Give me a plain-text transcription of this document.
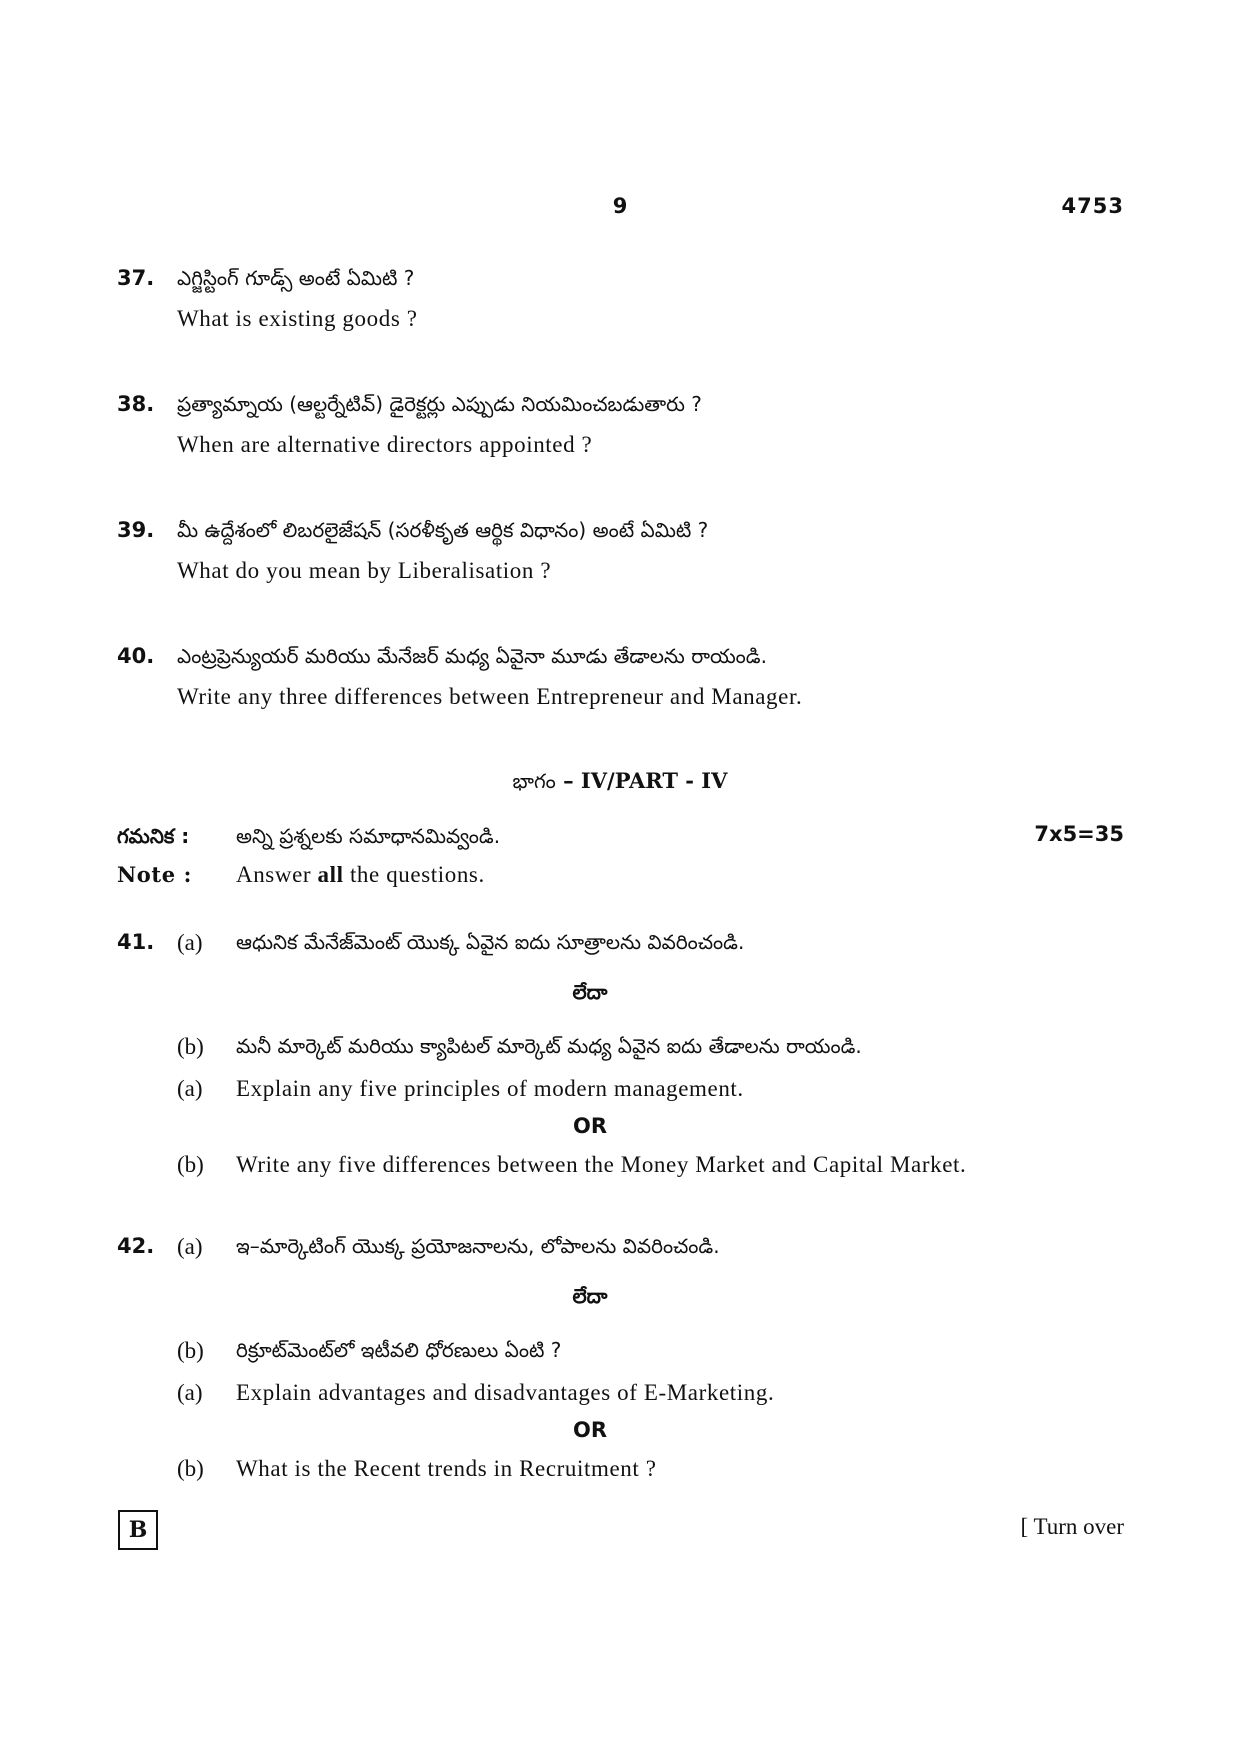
9	4753
37. ఎగ్జిస్టింగ్ గూడ్స్ అంటే ఏమిటి ?
What is existing goods ?
38. ప్రత్యామ్నాయ (ఆల్టర్నేటివ్) డైరెక్టర్లు ఎప్పుడు నియమించబడుతారు ?
When are alternative directors appointed ?
39. మీ ఉద్దేశంలో లిబరలైజేషన్ (సరళీకృత ఆర్థిక విధానం) అంటే ఏమిటి ?
What do you mean by Liberalisation ?
40. ఎంట్రప్రెన్యుయర్ మరియు మేనేజర్ మధ్య ఏవైనా మూడు తేడాలను రాయండి.
Write any three differences between Entrepreneur and Manager.
భాగం – IV/PART - IV
గమనిక : అన్ని ప్రశ్నలకు సమాధానమివ్వండి.	7x5=35
Note : Answer all the questions.
41. (a) ఆధునిక మేనేజ్‌మెంట్ యొక్క ఏవైన ఐదు సూత్రాలను వివరించండి.
లేదా
(b) మనీ మార్కెట్ మరియు క్యాపిటల్ మార్కెట్ మధ్య ఏవైన ఐదు తేడాలను రాయండి.
(a) Explain any five principles of modern management.
OR
(b) Write any five differences between the Money Market and Capital Market.
42. (a) ఇ–మార్కెటింగ్ యొక్క ప్రయోజనాలను, లోపాలను వివరించండి.
లేదా
(b) రిక్రూట్‌మెంట్‌లో ఇటీవలి ధోరణులు ఏంటి ?
(a) Explain advantages and disadvantages of E-Marketing.
OR
(b) What is the Recent trends in Recruitment ?
B	[ Turn over
